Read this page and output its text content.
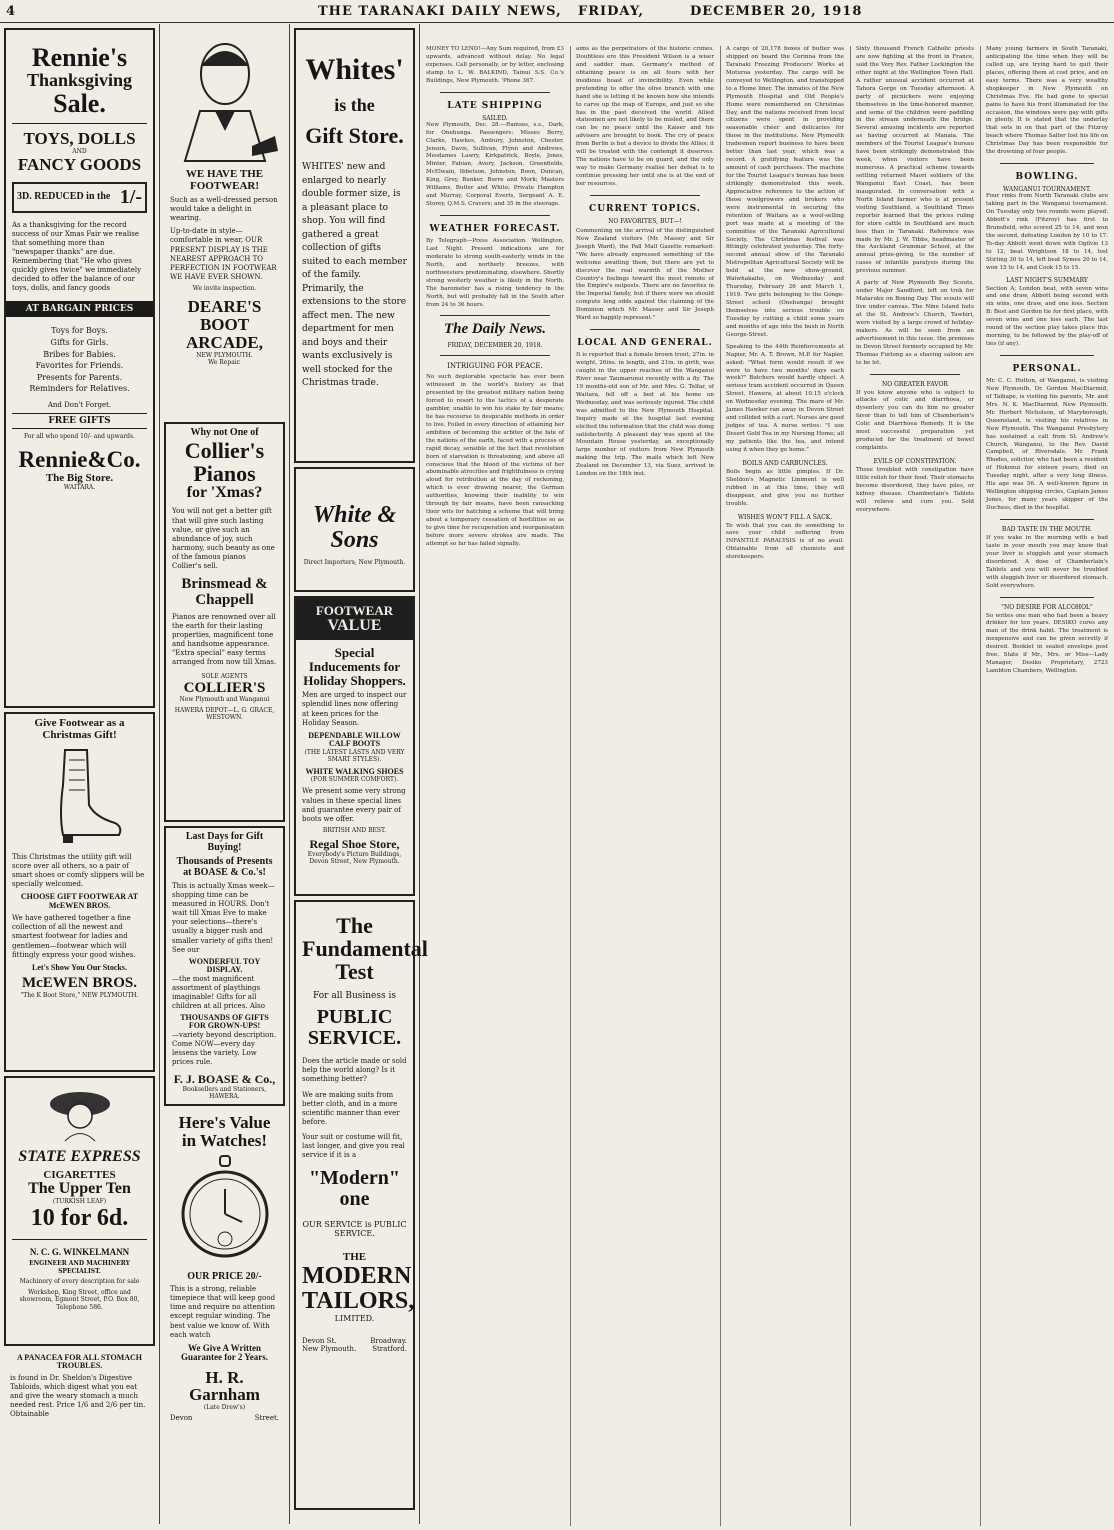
4	THE TARANAKI DAILY NEWS, FRIDAY,	DECEMBER 20, 1918
Rennie's
Thanksgiving
Sale.
TOYS, DOLLS
AND
FANCY GOODS
3D. REDUCED in the 1/-
As a thanksgiving for the record success of our Xmas Fair we realise that something more than "newspaper thanks" are due. Remembering that "He who gives quickly gives twice" we immediately decided to offer the balance of our toys, dolls, and fancy goods
AT BARGAIN PRICES
Toys for Boys.
Gifts for Girls.
Bribes for Babies.
Favorites for Friends.
Presents for Parents.
Reminders for Relatives.
And Don't Forget.
FREE GIFTS
For all who spend 10/- and upwards.
Rennie&Co.
The Big Store.
WAITARA.
Give Footwear as a Christmas Gift!
This Christmas the utility gift will score over all others, so a pair of smart shoes or comfy slippers will be specially welcomed.
CHOOSE GIFT FOOTWEAR AT McEWEN BROS.
We have gathered together a fine collection of all the newest and smartest footwear for ladies and gentlemen—footwear which will fittingly express your good wishes.
Let's Show You Our Stocks.
McEWEN BROS.
"The K Boot Store," NEW PLYMOUTH.
STATE EXPRESS
CIGARETTES
The Upper Ten
(TURKISH LEAF)
10 for 6d.
N. C. G. WINKELMANN
ENGINEER AND MACHINERY SPECIALIST.
Machinery of every description for sale
Workshop, King Street, office and showroom, Egmont Street, P.O. Box 80, Telephone 586.
A PANACEA FOR ALL STOMACH TROUBLES.
is found in Dr. Sheldon's Digestive Tabloids, which digest what you eat and give the weary stomach a much needed rest. Price 1/6 and 2/6 per tin. Obtainable
WE HAVE THE FOOTWEAR!
Such as a well-dressed person would take a delight in wearing.
Up-to-date in style—comfortable in wear, OUR PRESENT DISPLAY IS THE NEAREST APPROACH TO PERFECTION IN FOOTWEAR WE HAVE EVER SHOWN.
We invite inspection.
DEARE'S
BOOT
ARCADE,
NEW PLYMOUTH.
We Repair.
Why not One of
Collier's
Pianos
for 'Xmas?
You will not get a better gift that will give such lasting value, or give such an abundance of joy, such harmony, such beauty as one of the famous pianos Collier's sell.
Brinsmead & Chappell
Pianos are renowned over all the earth for their lasting properties, magnificent tone and handsome appearance. "Extra special" easy terms arranged from now till Xmas.
SOLE AGENTS
COLLIER'S
New Plymouth and Wanganui
HAWERA DEPOT—L. G. GRACE, WESTOWN.
Last Days for Gift Buying!
Thousands of Presents at BOASE & Co.'s!
This is actually Xmas week—shopping time can be measured in HOURS. Don't wait till Xmas Eve to make your selections—there's usually a bigger rush and smaller variety of gifts then! See our
WONDERFUL TOY DISPLAY.
—the most magnificent assortment of playthings imaginable! Gifts for all children at all prices. Also
THOUSANDS OF GIFTS FOR GROWN-UPS!
—variety beyond description. Come NOW—every day lessens the variety. Low prices rule.
F. J. BOASE & Co.,
Booksellers and Stationers,
HAWERA.
Here's Value in Watches!
OUR PRICE 20/-
This is a strong, reliable timepiece that will keep good time and require no attention except regular winding. The best value we know of. With each watch
We Give A Written Guarantee for 2 Years.
H. R. Garnham
(Late Drew's)
Devon	Street.
Whites'
is the
Gift Store.
WHITES' new and enlarged to nearly double former size, is a pleasant place to shop. You will find gathered a great collection of gifts suited to each member of the family. Primarily, the extensions to the store affect men. The new department for men and boys and their wants exclusively is well stocked for the Christmas trade.
White & Sons
Direct Importers, New Plymouth.
FOOTWEAR
VALUE
Special Inducements for Holiday Shoppers.
Men are urged to inspect our splendid lines now offering at keen prices for the Holiday Season.
DEPENDABLE WILLOW CALF BOOTS
(THE LATEST LASTS AND VERY SMART STYLES).
WHITE WALKING SHOES
(FOR SUMMER COMFORT).
We present some very strong values in these special lines and guarantee every pair of boots we offer.
BRITISH AND BEST.
Regal Shoe Store,
Everybody's Picture Buildings, Devon Street, New Plymouth.
The
Fundamental
Test
For all Business is
PUBLIC SERVICE.
Does the article made or sold help the world along? Is it something better?
We are making suits from better cloth, and in a more scientific manner than ever before.
Your suit or costume will fit, last longer, and give you real service if it is a
"Modern" one
OUR SERVICE is PUBLIC SERVICE.
THE
MODERN TAILORS,
LIMITED.
Devon St.	Broadway.
New Plymouth. Stratford.
MONEY TO LEND!—Any Sum required, from £3 upwards, advanced without delay. No legal expenses. Call personally, or by letter, enclosing stamp to L. W. BALKIND, Tainui S.S. Co.'s Buildings, New Plymouth. 'Phone 367.
LATE SHIPPING
SAILED.
New Plymouth, Dec. 28.—Ramses, s.s., Dark, for Onehunga. Passengers: Misses Berry, Clarke, Hawkes, Ambury, Johnston, Chester, Jenson, Davis, Sullivan, Flynn and Andrews, Mesdames Lawry, Kirkpatrick, Boyle, Jones, Minter, Fabian, Avery, Jackson, Greenfields, McElwain, Ibbetson, Johnston, Boon, Duncan, King, Grey, Bunker, Burre and Mork; Masters Williams, Butler and White; Private Hampton and Murray, Corporal Everts, Sergeant A. E. Storey, Q.M.S. Cravers; and 35 in the steerage.
WEATHER FORECAST.
By Telegraph—Press Association. Wellington, Last Night. Present indications are for moderate to strong south-easterly winds in the North, and northerly breezes, with northwesters predominating, elsewhere. Shortly strong westerly weather is likely in the North. The barometer has a rising tendency in the North, but will probably fall in the South after from 24 to 36 hours.
The Daily News.
FRIDAY, DECEMBER 20, 1918.
INTRIGUING FOR PEACE.
No such deplorable spectacle has ever been witnessed in the world's history as that presented by the greatest military nation being forced to resort to the tactics of a desperate gambler, unable to win his stake by fair means; he has recourse to despicable methods in order to live. Foiled in every direction of attaining her ambition of becoming the arbiter of the fate of the nations of the earth, faced with a process of rapid decay, sensible of the fact that revolution born of starvation is threatening, and above all conscious that the blood of the victims of her abominable atrocities and frightfulness is crying aloud for retribution at the day of reckoning, which is ever drawing nearer, the German authorities, knowing their inability to win through by fair means, have been ransacking their wits for hatching a scheme that will bring about a temporary cessation of hostilities so as to give time for recuperation and reorganisation before more severe strokes are made. The attempt so far has failed signally.
aims as the perpetrators of the historic crimes. Doubtless ere this President Wilson is a wiser and sadder man. Germany's method of obtaining peace is on all fours with her insidious boast of invincibility. Even while pretending to offer the olive branch with one hand she is letting it be known how she intends to carve up the map of Europe, and just so she has in the past deceived the world. Allied statesmen are not likely to be misled, and there can be no peace until the Kaiser and his advisers are brought to book. The cry of peace from Berlin is but a device to divide the Allies; it will be treated with the contempt it deserves. The nations have to be on guard, and the only way to make Germany realise her defeat is to continue pressing her until she is at the end of her resources.
CURRENT TOPICS.
NO FAVORITES, BUT—!
Commenting on the arrival of the distinguished New Zealand visitors (Mr. Massey and Sir Joseph Ward), the Pall Mall Gazette remarked: "We have already expressed something of the welcome awaiting them, but there are yet to discover the real warmth of the Mother Country's feelings toward the most remote of the Empire's outposts. There are no favorites in the Imperial family, but if there were we should compute long odds against the claiming of the Dominion which Mr. Massey and Sir Joseph Ward so happily represent."
LOCAL AND GENERAL.
It is reported that a female brown trout, 27in. in weight, 26ins. in length, and 21in. in girth, was caught in the upper reaches of the Wanganui River near Taumarunui recently with a fly. The 19 months-old son of Mr. and Mrs. G. Telfar, of Waitara, fell off a bed at his home on Wednesday, and was seriously injured. The child was admitted to the New Plymouth Hospital. Inquiry made at the hospital last evening elicited the information that the child was doing satisfactorily. A pleasant day was spent at the Mountain House yesterday, an exceptionally large number of visitors from New Plymouth making the trip. The mails which left New Zealand on December 13, via Suez, arrived in London on the 18th inst.
A cargo of 20,178 boxes of butter was shipped on board the Corinna from the Taranaki Freezing Producers' Works at Moturoa yesterday. The cargo will be conveyed to Wellington, and transhipped to a Home liner. The inmates of the New Plymouth Hospital and Old People's Home were remembered on Christmas Day, and the nations received from local citizens were spent in providing seasonable cheer and delicacies for those in the institutions. New Plymouth tradesmen report business to have been better than last year, which was a record. A gratifying feature was the amount of cash purchases. The machine for the Tourist League's bureau has been strikingly demonstrated this week. Appreciative reference to the action of those woolgrowers and brokers who were instrumental in securing the retention of Waitara as a wool-selling port was made at a meeting of the committee of the Taranaki Agricultural Society. The Christmas festival was fittingly celebrated yesterday. The forty-second annual show of the Taranaki Metropolitan Agricultural Society will be held at the new show-ground, Waiwhakaiho, on Wednesday and Thursday, February 26 and March 1, 1919. Two girls belonging to the Gonge-Street school (Onehunga) brought themselves into serious trouble on Tuesday by cutting a child some years and months of age into the bush in North George-Street.
Speaking to the 44th Reinforcements at Napier, Mr. A. T. Brown, M.P. for Napier, asked: "What form would result if we were to have two months' days each week?" Butchers would hardly object. A serious tram accident occurred in Queen Street, Hawera, at about 10.15 o'clock on Wednesday evening. The mare of Mr. James Hawker ran away in Devon Street and collided with a cart. Nurses are good judges of tea. A nurse writes: "I use Desert Gold Tea in my Nursing Home; all my patients like the tea, and intend using it when they go home."
BOILS AND CARBUNCLES.
Boils begin as little pimples. If Dr. Sheldon's Magnetic Liniment is well rubbed in at this time, they will disappear, and give you no further trouble.
WISHES WON'T FILL A SACK.
To wish that you can do something to save your child suffering from INFANTILE PARALYSIS is of no avail. Obtainable from all chemists and storekeepers.
Sixty thousand French Catholic priests are now fighting at the front in France, said the Very Rev. Father Lockington the other night at the Wellington Town Hall. A rather unusual accident occurred at Tahora Gorge on Tuesday afternoon. A party of picnickers were enjoying themselves in the time-honored manner, and some of the children were paddling in the stream underneath the bridge. Several amusing incidents are reported as having occurred at Manaia. The members of the Tourist League's bureau have been strikingly demonstrated this week, when visitors have been numerous. A practical scheme towards settling returned Maori soldiers of the Wanganui East Coast, has been inaugurated. In conversation with a North Island farmer who is at present visiting Southland, a Southland Times reporter learned that the prices ruling for store cattle in Southland are much less than in Taranaki. Reference was made by Mr. J. W. Tibbs, headmaster of the Auckland Grammar School, at the annual prize-giving, to the number of cases of infantile paralysis during the previous summer.
A party of New Plymouth Boy Scouts, under Major Sandford, left on trek for Mataruku on Boxing Day. The scouts will live under canvas. The Nine Island huts at the St. Andrew's Church, Tawhiri, were visited by a large crowd of holiday-makers. As will be seen from an advertisement in this issue, the premises in Devon Street formerly occupied by Mr. Thomas Furlong as a shaving saloon are to be let.
NO GREATER FAVOR
If you know anyone who is subject to attacks of colic and diarrhoea, or dysentery you can do him no greater favor than to tell him of Chamberlain's Colic and Diarrhoea Remedy. It is the most successful preparation yet produced for the treatment of bowel complaints.
EVILS OF CONSTIPATION.
Those troubled with constipation have little relish for their food. Their stomachs become disordered, they have piles, or kidney disease. Chamberlain's Tablets will relieve and cure you. Sold everywhere.
Many young farmers in South Taranaki, anticipating the time when they will be called up, are trying hard to quit their places, offering them at cost price, and on easy terms. There was a very wealthy shopkeeper in New Plymouth on Christmas Eve. He had gone to special pains to have his front illuminated for the occasion, the windows were gay with gifts in plenty. It is stated that the underlay that sets in on that part of the Fitzroy beach where Thomas Salter lost his life on Christmas Day has been responsible for the drowning of four people.
BOWLING.
WANGANUI TOURNAMENT.
Four rinks from North Taranaki clubs are taking part in the Wanganui tournament. On Tuesday only two rounds were played. Abbott's rink (Fitzroy) has first to Brunsfield, who scored 25 to 14, and won the second, defeating London by 10 to 17. To-day Abbott went down with Ogilvie 13 to 12, beat Wrightson 18 to 14, lost Stirling 30 to 14, left beat Symes 20 to 14, won 15 to 14, and Cook 15 to 15.
LAST NIGHT'S SUMMARY
Section A: London beat, with seven wins and one draw, Abbott being second with six wins, one draw, and one loss. Section B: Best and Gordon tie for first place, with seven wins and one loss each. The last round of the section play takes place this morning, to be followed by the play-off of ties (if any).
PERSONAL.
Mr. C. C. Hutton, of Wanganui, is visiting New Plymouth. Dr. Gordon MacDiarmid, of Taihape, is visiting his parents, Mr. and Mrs. N. K. MacDiarmid, New Plymouth. Mr. Herbert Nicholson, of Maryborough, Queensland, is visiting his relatives in New Plymouth. The Wanganui Presbytery has sustained a call from St. Andrew's Church, Wanganui, to the Rev. David Campbell, of Riversdale. Mr. Frank Rhodes, solicitor, who had been a resident of Hokonui for sixteen years, died on Tuesday night, after a very long illness. His age was 56. A well-known figure in Wellington shipping circles, Captain James Jones, for many years skipper of the Duchess, died in the hospital.
BAD TASTE IN THE MOUTH.
If you wake in the morning with a bad taste in your mouth you may know that your liver is sluggish and your stomach disordered. A dose of Chamberlain's Tablets and you will never be troubled with sluggish liver or disordered stomach. Sold everywhere.
"NO DESIRE FOR ALCOHOL"
So writes one man who had been a heavy drinker for ten years. DESIKO cures any man of the drink habit. The treatment is inexpensive and can be given secretly if desired. Booklet in sealed envelope post free. State if Mr., Mrs. or Miss—Lady Manager, Desiko Proprietary, 2723 Lambton Chambers, Wellington.
